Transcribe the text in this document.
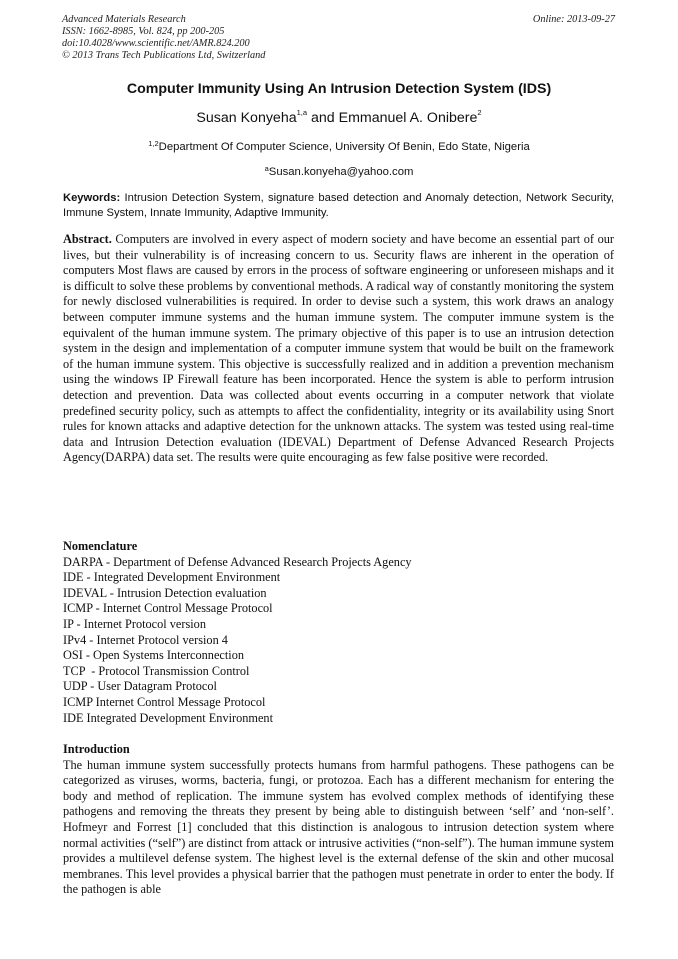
Advanced Materials Research
ISSN: 1662-8985, Vol. 824, pp 200-205
doi:10.4028/www.scientific.net/AMR.824.200
© 2013 Trans Tech Publications Ltd, Switzerland
Online: 2013-09-27
Computer Immunity Using An Intrusion Detection System (IDS)
Susan Konyeha$^{1,a}$ and Emmanuel A. Onibere$^2$
$^{1,2}$Department Of Computer Science, University Of Benin, Edo State, Nigeria
$^a$Susan.konyeha@yahoo.com
Keywords: Intrusion Detection System, signature based detection and Anomaly detection, Network Security, Immune System, Innate Immunity, Adaptive Immunity.
Abstract. Computers are involved in every aspect of modern society and have become an essential part of our lives, but their vulnerability is of increasing concern to us. Security flaws are inherent in the operation of computers Most flaws are caused by errors in the process of software engineering or unforeseen mishaps and it is difficult to solve these problems by conventional methods. A radical way of constantly monitoring the system for newly disclosed vulnerabilities is required. In order to devise such a system, this work draws an analogy between computer immune systems and the human immune system. The computer immune system is the equivalent of the human immune system. The primary objective of this paper is to use an intrusion detection system in the design and implementation of a computer immune system that would be built on the framework of the human immune system. This objective is successfully realized and in addition a prevention mechanism using the windows IP Firewall feature has been incorporated. Hence the system is able to perform intrusion detection and prevention. Data was collected about events occurring in a computer network that violate predefined security policy, such as attempts to affect the confidentiality, integrity or its availability using Snort rules for known attacks and adaptive detection for the unknown attacks. The system was tested using real-time data and Intrusion Detection evaluation (IDEVAL) Department of Defense Advanced Research Projects Agency(DARPA) data set. The results were quite encouraging as few false positive were recorded.
Nomenclature
DARPA - Department of Defense Advanced Research Projects Agency
IDE - Integrated Development Environment
IDEVAL - Intrusion Detection evaluation
ICMP - Internet Control Message Protocol
IP - Internet Protocol version
IPv4 - Internet Protocol version 4
OSI - Open Systems Interconnection
TCP  - Protocol Transmission Control
UDP - User Datagram Protocol
ICMP Internet Control Message Protocol
IDE Integrated Development Environment
Introduction
The human immune system successfully protects humans from harmful pathogens. These pathogens can be categorized as viruses, worms, bacteria, fungi, or protozoa. Each has a different mechanism for entering the body and method of replication. The immune system has evolved complex methods of identifying these pathogens and removing the threats they present by being able to distinguish between ‘self’ and ‘non-self’. Hofmeyr and Forrest [1] concluded that this distinction is analogous to intrusion detection system where normal activities (“self”) are distinct from attack or intrusive activities (“non-self”). The human immune system provides a multilevel defense system. The highest level is the external defense of the skin and other mucosal membranes. This level provides a physical barrier that the pathogen must penetrate in order to enter the body. If the pathogen is able
